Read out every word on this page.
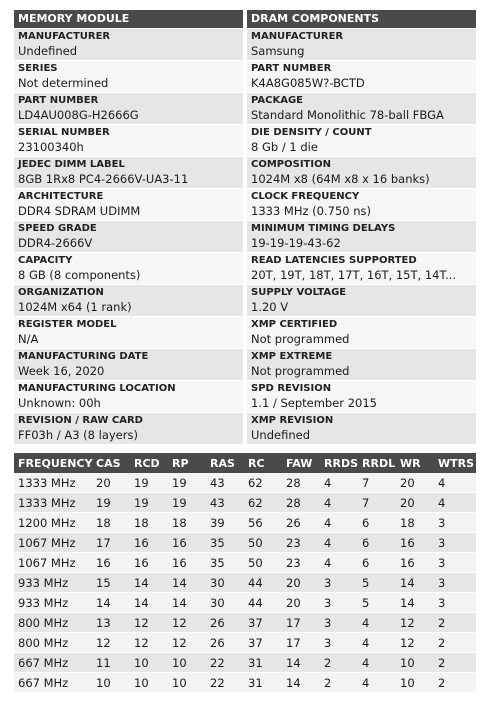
MEMORY MODULE
MANUFACTURER
Undefined
SERIES
Not determined
PART NUMBER
LD4AU008G-H2666G
SERIAL NUMBER
23100340h
JEDEC DIMM LABEL
8GB 1Rx8 PC4-2666V-UA3-11
ARCHITECTURE
DDR4 SDRAM UDIMM
SPEED GRADE
DDR4-2666V
CAPACITY
8 GB (8 components)
ORGANIZATION
1024M x64 (1 rank)
REGISTER MODEL
N/A
MANUFACTURING DATE
Week 16, 2020
MANUFACTURING LOCATION
Unknown: 00h
REVISION / RAW CARD
FF03h / A3 (8 layers)
DRAM COMPONENTS
MANUFACTURER
Samsung
PART NUMBER
K4A8G085W?-BCTD
PACKAGE
Standard Monolithic 78-ball FBGA
DIE DENSITY / COUNT
8 Gb / 1 die
COMPOSITION
1024M x8 (64M x8 x 16 banks)
CLOCK FREQUENCY
1333 MHz (0.750 ns)
MINIMUM TIMING DELAYS
19-19-19-43-62
READ LATENCIES SUPPORTED
20T, 19T, 18T, 17T, 16T, 15T, 14T...
SUPPLY VOLTAGE
1.20 V
XMP CERTIFIED
Not programmed
XMP EXTREME
Not programmed
SPD REVISION
1.1 / September 2015
XMP REVISION
Undefined
FREQUENCY	CAS	RCD	RP	RAS	RC	FAW	RRDS	RRDL	WR	WTRS
1333 MHz	20	19	19	43	62	28	4	7	20	4
1333 MHz	19	19	19	43	62	28	4	7	20	4
1200 MHz	18	18	18	39	56	26	4	6	18	3
1067 MHz	17	16	16	35	50	23	4	6	16	3
1067 MHz	16	16	16	35	50	23	4	6	16	3
933 MHz	15	14	14	30	44	20	3	5	14	3
933 MHz	14	14	14	30	44	20	3	5	14	3
800 MHz	13	12	12	26	37	17	3	4	12	2
800 MHz	12	12	12	26	37	17	3	4	12	2
667 MHz	11	10	10	22	31	14	2	4	10	2
667 MHz	10	10	10	22	31	14	2	4	10	2
